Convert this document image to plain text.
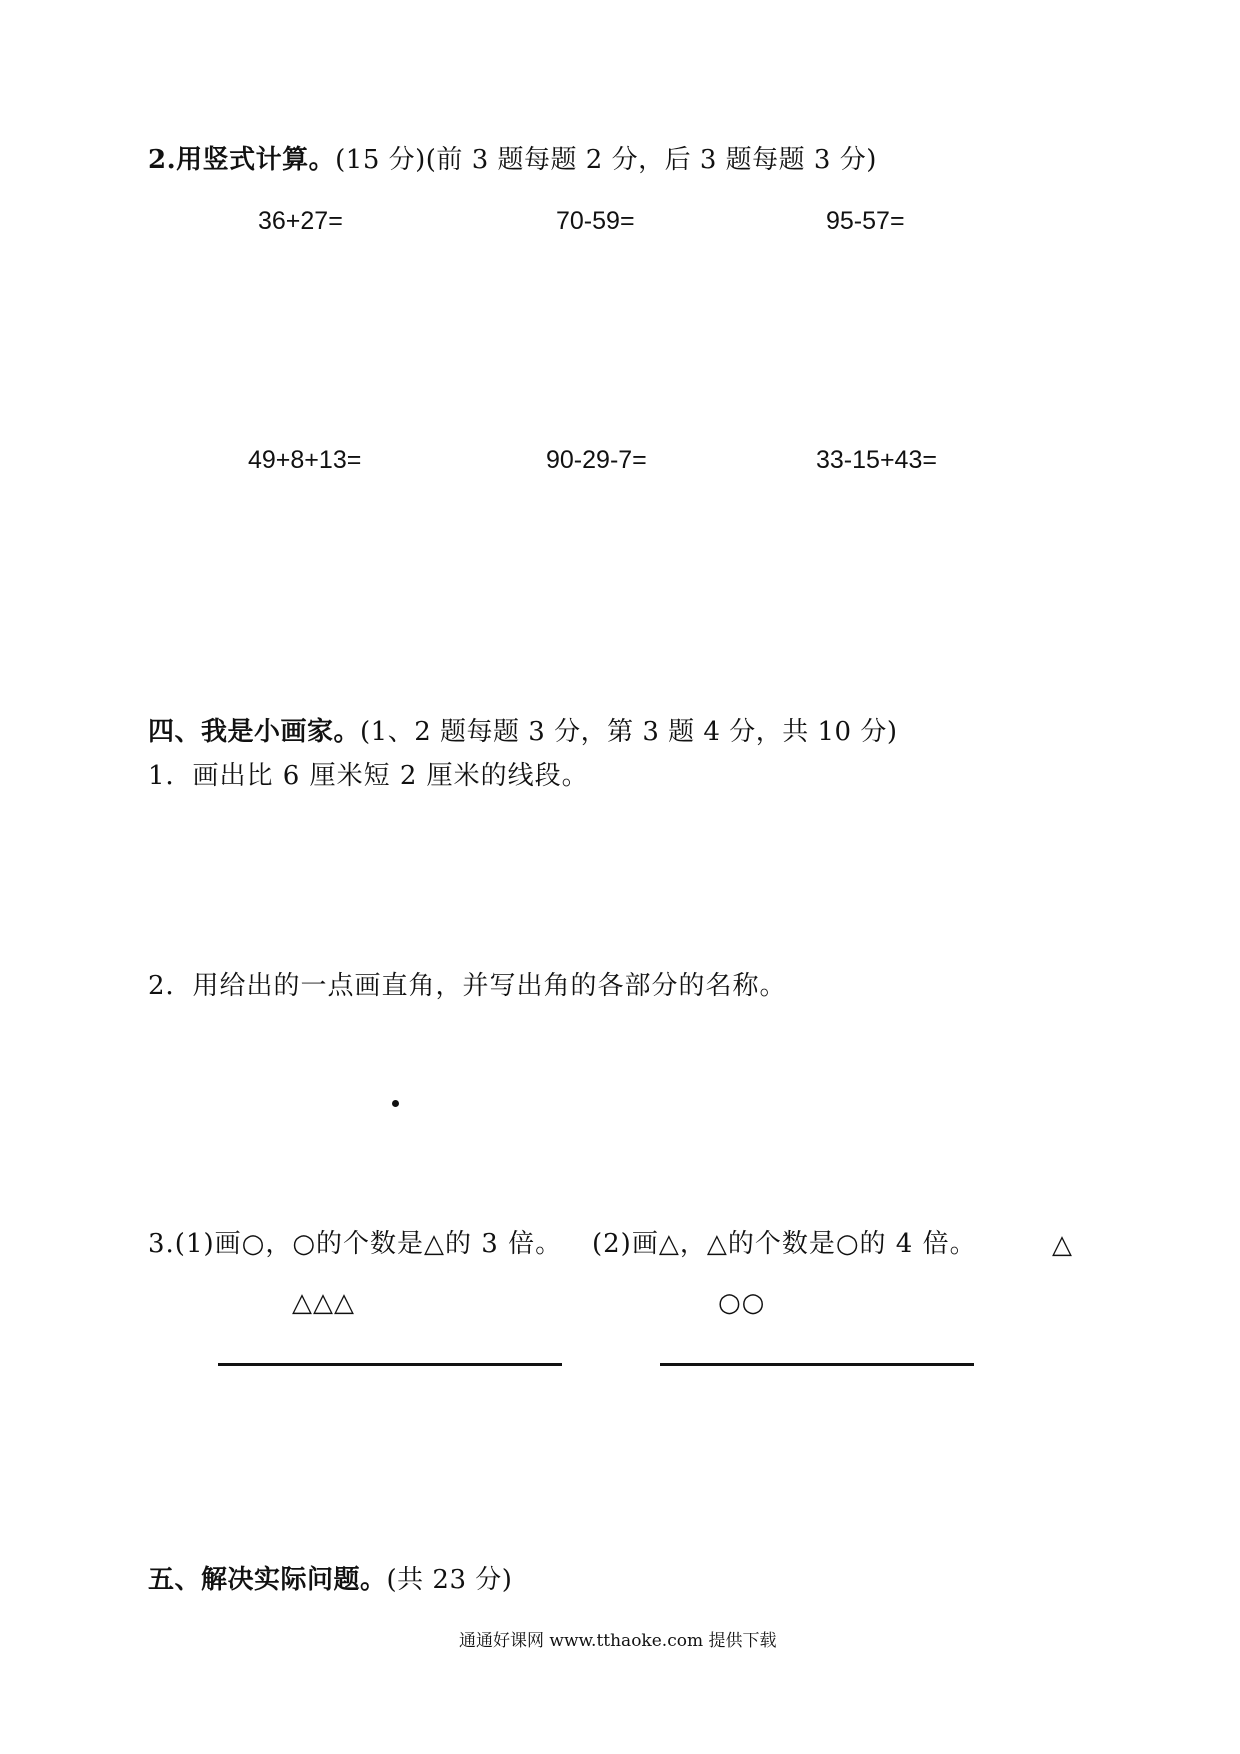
2.用竖式计算。(15 分)(前 3 题每题 2 分，后 3 题每题 3 分)
36+27=	70-59=	95-57=
49+8+13=	90-29-7=	33-15+43=
四、我是小画家。(1、2 题每题 3 分，第 3 题 4 分，共 10 分)
1．画出比 6 厘米短 2 厘米的线段。
2．用给出的一点画直角，并写出角的各部分的名称。
3.(1)画○，○的个数是△的 3 倍。 (2)画△，△的个数是○的 4 倍。	△
△△△	○○
五、解决实际问题。(共 23 分)
通通好课网 www.tthaoke.com 提供下载
